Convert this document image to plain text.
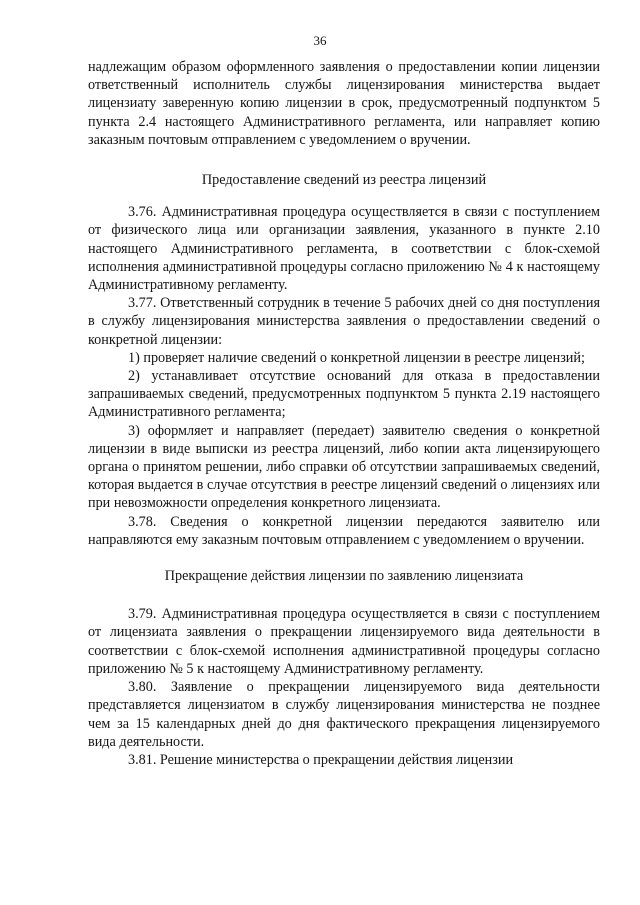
36

надлежащим образом оформленного заявления о предоставлении копии лицензии ответственный исполнитель службы лицензирования министерства выдает лицензиату заверенную копию лицензии в срок, предусмотренный подпунктом 5 пункта 2.4 настоящего Административного регламента, или направляет копию заказным почтовым отправлением с уведомлением о вручении.

Предоставление сведений из реестра лицензий

3.76. Административная процедура осуществляется в связи с поступлением от физического лица или организации заявления, указанного в пункте 2.10 настоящего Административного регламента, в соответствии с блок-схемой исполнения административной процедуры согласно приложению № 4 к настоящему Административному регламенту.

3.77. Ответственный сотрудник в течение 5 рабочих дней со дня поступления в службу лицензирования министерства заявления о предоставлении сведений о конкретной лицензии:

1) проверяет наличие сведений о конкретной лицензии в реестре лицензий;

2) устанавливает отсутствие оснований для отказа в предоставлении запрашиваемых сведений, предусмотренных подпунктом 5 пункта 2.19 настоящего Административного регламента;

3) оформляет и направляет (передает) заявителю сведения о конкретной лицензии в виде выписки из реестра лицензий, либо копии акта лицензирующего органа о принятом решении, либо справки об отсутствии запрашиваемых сведений, которая выдается в случае отсутствия в реестре лицензий сведений о лицензиях или при невозможности определения конкретного лицензиата.

3.78. Сведения о конкретной лицензии передаются заявителю или направляются ему заказным почтовым отправлением с уведомлением о вручении.

Прекращение действия лицензии по заявлению лицензиата

3.79. Административная процедура осуществляется в связи с поступлением от лицензиата заявления о прекращении лицензируемого вида деятельности в соответствии с блок-схемой исполнения административной процедуры согласно приложению № 5 к настоящему Административному регламенту.

3.80. Заявление о прекращении лицензируемого вида деятельности представляется лицензиатом в службу лицензирования министерства не позднее чем за 15 календарных дней до дня фактического прекращения лицензируемого вида деятельности.

3.81. Решение министерства о прекращении действия лицензии
